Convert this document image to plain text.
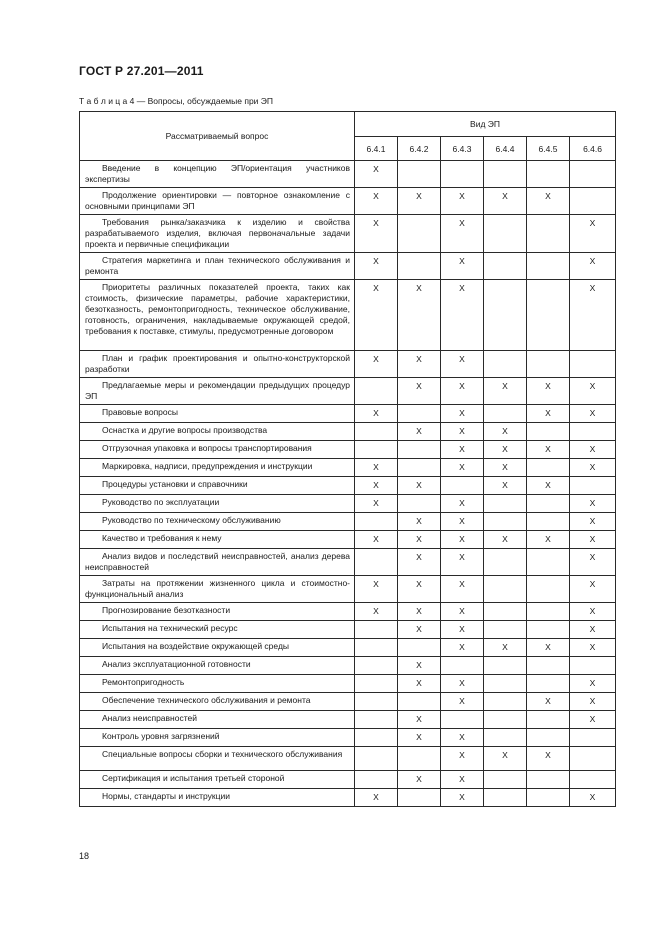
ГОСТ Р 27.201—2011
Т а б л и ц а 4 — Вопросы, обсуждаемые при ЭП
Рассматриваемый вопрос	Вид ЭП					
	6.4.1	6.4.2	6.4.3	6.4.4	6.4.5	6.4.6

Введение в концепцию ЭП/ориентация участников экспертизы	X					

Продолжение ориентировки — повторное ознакомление с основными принципами ЭП	X	X	X	X	X	

Требования рынка/заказчика к изделию и свойства разрабатываемого изделия, включая первоначальные задачи проекта и первичные спецификации	X		X			X

Стратегия маркетинга и план технического обслуживания и ремонта	X		X			X

Приоритеты различных показателей проекта, таких как стоимость, физические параметры, рабочие характеристики, безотказность, ремонтопригодность, техническое обслуживание, готовность, ограничения, накладываемые окружающей средой, требования к поставке, стимулы, предусмотренные договором	X	X	X			X

План и график проектирования и опытно-конструкторской разработки	X	X	X			

Предлагаемые меры и рекомендации предыдущих процедур ЭП		X	X	X	X	X

Правовые вопросы	X		X		X	X

Оснастка и другие вопросы производства		X	X	X		

Отгрузочная упаковка и вопросы транспортирования			X	X	X	X

Маркировка, надписи, предупреждения и инструкции	X		X	X		X

Процедуры установки и справочники	X	X		X	X	

Руководство по эксплуатации	X		X			X

Руководство по техническому обслуживанию		X	X			X

Качество и требования к нему	X	X	X	X	X	X

Анализ видов и последствий неисправностей, анализ дерева неисправностей		X	X			X

Затраты на протяжении жизненного цикла и стоимостно-функциональный анализ	X	X	X			X

Прогнозирование безотказности	X	X	X			X

Испытания на технический ресурс		X	X			X

Испытания на воздействие окружающей среды			X	X	X	X

Анализ эксплуатационной готовности		X				

Ремонтопригодность		X	X			X

Обеспечение технического обслуживания и ремонта			X		X	X

Анализ неисправностей		X				X

Контроль уровня загрязнений		X	X			

Специальные вопросы сборки и технического обслуживания			X	X	X	

Сертификация и испытания третьей стороной		X	X			

Нормы, стандарты и инструкции	X		X			X
18
